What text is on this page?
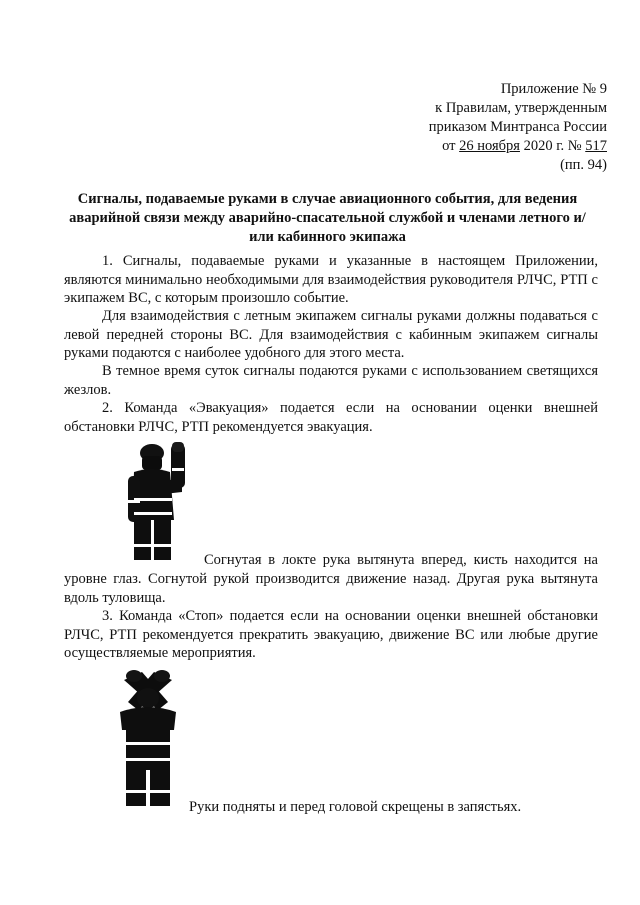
Приложение № 9
к Правилам, утвержденным
приказом Минтранса России
от 26 ноября 2020 г. № 517
(пп. 94)
Сигналы, подаваемые руками в случае авиационного события, для ведения аварийной связи между аварийно-спасательной службой и членами летного и/или кабинного экипажа

1. Сигналы, подаваемые руками и указанные в настоящем Приложении, являются минимально необходимыми для взаимодействия руководителя РЛЧС, РТП с экипажем ВС, с которым произошло событие.

Для взаимодействия с летным экипажем сигналы руками должны подаваться с левой передней стороны ВС. Для взаимодействия с кабинным экипажем сигналы руками подаются с наиболее удобного для этого места.

В темное время суток сигналы подаются руками с использованием светящихся жезлов.

2. Команда «Эвакуация» подается если на основании оценки внешней обстановки РЛЧС, РТП рекомендуется эвакуация.

Согнутая в локте рука вытянута вперед, кисть находится на

уровне глаз. Согнутой рукой производится движение назад. Другая рука вытянута вдоль туловища.

3. Команда «Стоп» подается если на основании оценки внешней обстановки РЛЧС, РТП рекомендуется прекратить эвакуацию, движение ВС или любые другие осуществляемые мероприятия.

Руки подняты и перед головой скрещены в запястьях.
